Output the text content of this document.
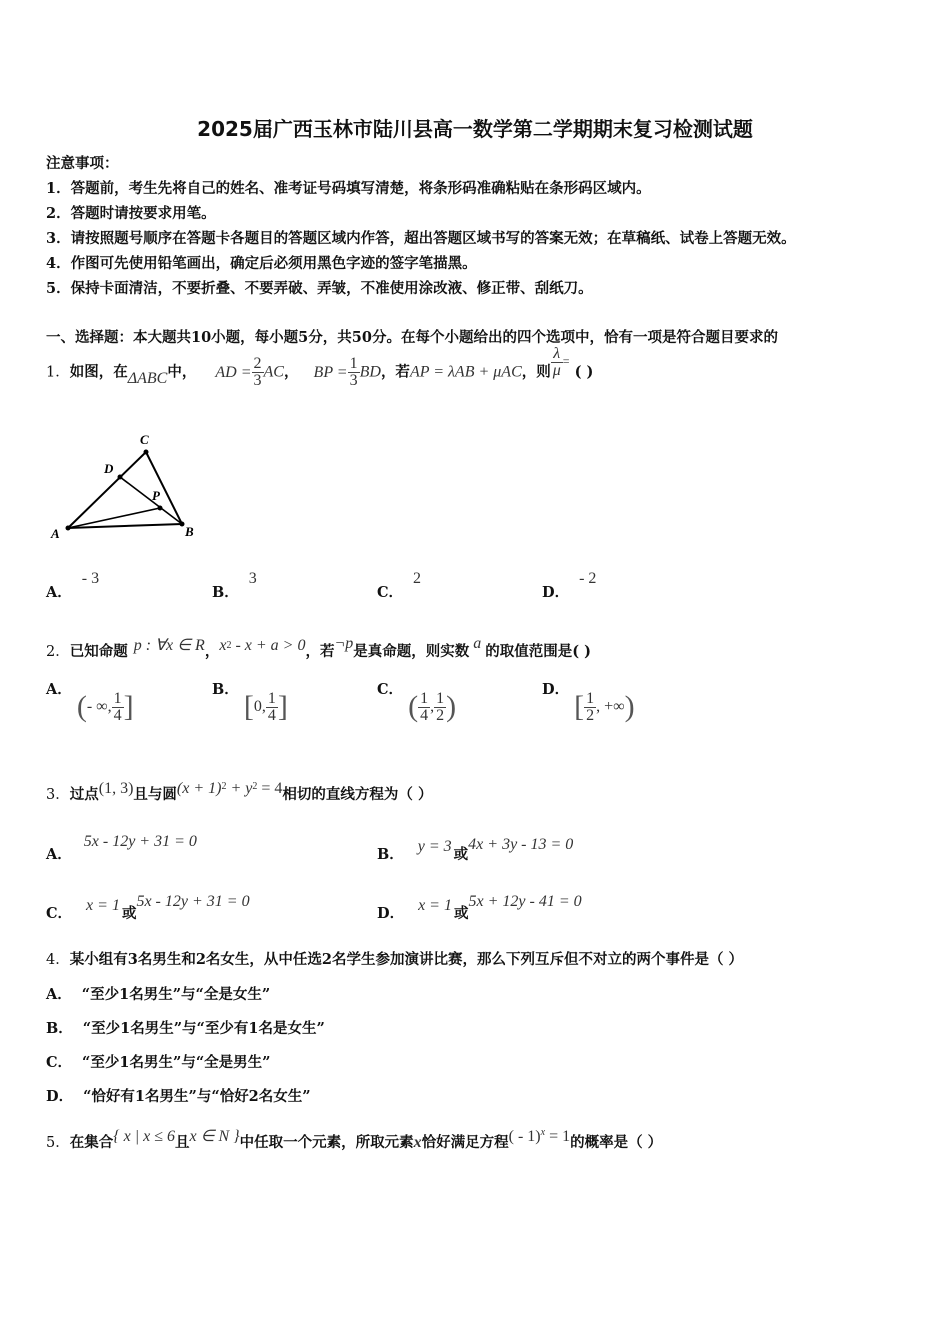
2025届广西玉林市陆川县高一数学第二学期期末复习检测试题
注意事项：
1．答题前，考生先将自己的姓名、准考证号码填写清楚，将条形码准确粘贴在条形码区域内。
2．答题时请按要求用笔。
3．请按照题号顺序在答题卡各题目的答题区域内作答，超出答题区域书写的答案无效；在草稿纸、试卷上答题无效。
4．作图可先使用铅笔画出，确定后必须用黑色字迹的签字笔描黑。
5．保持卡面清洁，不要折叠、不要弄破、弄皱，不准使用涂改液、修正带、刮纸刀。
一、选择题：本大题共10小题，每小题5分，共50分。在每个小题给出的四个选项中，恰有一项是符合题目要求的
1．如图，在ΔABC中， AD = $\frac{2}{3}$ AC， BP = $\frac{1}{3}$ BD，若AP = λAB + μAC，则 $\frac{\lambda}{\mu} ^=$ ( )
A	B
C
D
P
A．- 3
B．3
C．2
D．- 2
2．已知命题 p : ∀x ∈ R，$x^2 - x + a > 0$，若¬p是真命题，则实数 a 的取值范围是( )
A． (- ∞, $\frac{1}{4}$ ]
B． [0, $\frac{1}{4}$ ]
C． ( $\frac{1}{4}$ , $\frac{1}{2}$ )
D． [ $\frac{1}{2}$ , +∞)
3．过点(1, 3)且与圆$(x + 1)^2 + y^2 = 4$相切的直线方程为（ ）
A．5x - 12y + 31 = 0
B． y = 3 或4x + 3y - 13 = 0
C． x = 1 或5x - 12y + 31 = 0
D． x = 1 或5x + 12y - 41 = 0
4．某小组有3名男生和2名女生，从中任选2名学生参加演讲比赛，那么下列互斥但不对立的两个事件是（ ）
A． “至少1名男生”与“全是女生”
B． “至少1名男生”与“至少有1名是女生”
C． “至少1名男生”与“全是男生”
D． “恰好有1名男生”与“恰好2名女生”
5．在集合{ x | x ≤ 6且x ∈ N }中任取一个元素，所取元素x恰好满足方程( - 1)$^x$ = 1的概率是（ ）
